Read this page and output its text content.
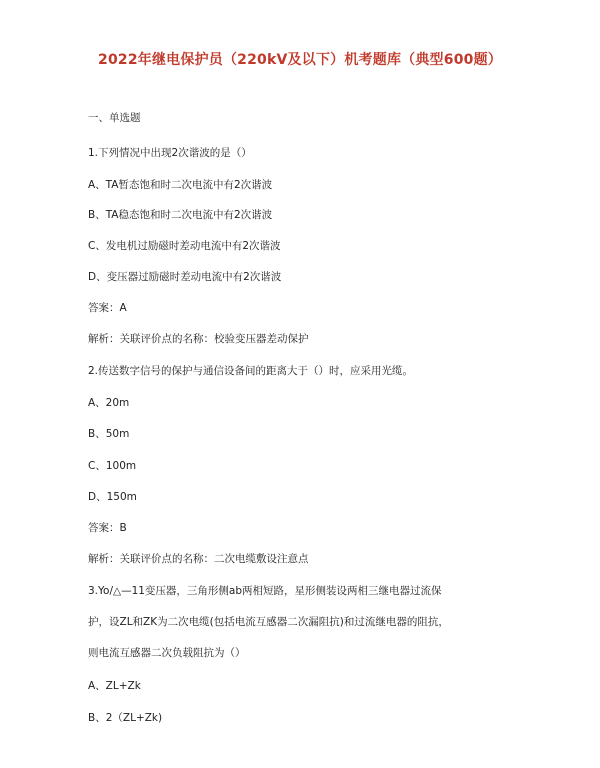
2022年继电保护员（220kV及以下）机考题库（典型600题）
一、单选题
1.下列情况中出现2次谐波的是（）
A、TA暂态饱和时二次电流中有2次谐波
B、TA稳态饱和时二次电流中有2次谐波
C、发电机过励磁时差动电流中有2次谐波
D、变压器过励磁时差动电流中有2次谐波
答案：A
解析：关联评价点的名称：校验变压器差动保护
2.传送数字信号的保护与通信设备间的距离大于（）时，应采用光缆。
A、20m
B、50m
C、100m
D、150m
答案：B
解析：关联评价点的名称：二次电缆敷设注意点
3.Yo/△—11变压器，三角形侧ab两相短路，星形侧装设两相三继电器过流保
护，设ZL和ZK为二次电缆(包括电流互感器二次漏阻抗)和过流继电器的阻抗，
则电流互感器二次负载阻抗为（）
A、ZL+Zk
B、2（ZL+Zk)
